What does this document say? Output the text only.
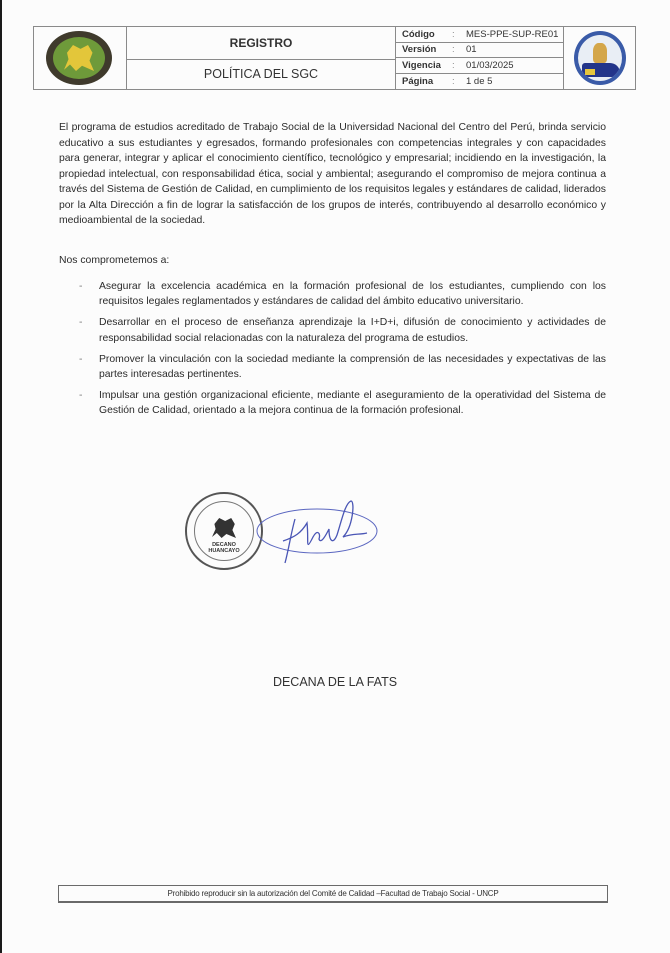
REGISTRO
POLÍTICA DEL SGC
Código	:	MES-PPE-SUP-RE01
Versión	:	01
Vigencia	:	01/03/2025
Página	:	1 de 5
El programa de estudios acreditado de Trabajo Social de la Universidad Nacional del Centro del Perú, brinda servicio educativo a sus estudiantes y egresados, formando profesionales con competencias integrales y con capacidades para generar, integrar y aplicar el conocimiento científico, tecnológico y empresarial; incidiendo en la investigación, la propiedad intelectual, con responsabilidad ética, social y ambiental; asegurando el compromiso de mejora continua a través del Sistema de Gestión de Calidad, en cumplimiento de los requisitos legales y estándares de calidad, liderados por la Alta Dirección a fin de lograr la satisfacción de los grupos de interés, contribuyendo al desarrollo económico y medioambiental de la sociedad.
Nos comprometemos a:
- Asegurar la excelencia académica en la formación profesional de los estudiantes, cumpliendo con los requisitos legales reglamentados y estándares de calidad del ámbito educativo universitario.
- Desarrollar en el proceso de enseñanza aprendizaje la I+D+i, difusión de conocimiento y actividades de responsabilidad social relacionadas con la naturaleza del programa de estudios.
- Promover la vinculación con la sociedad mediante la comprensión de las necesidades y expectativas de las partes interesadas pertinentes.
- Impulsar una gestión organizacional eficiente, mediante el aseguramiento de la operatividad del Sistema de Gestión de Calidad, orientado a la mejora continua de la formación profesional.
DECANO
HUANCAYO
DECANA DE LA FATS
Prohibido reproducir sin la autorización del Comité de Calidad –Facultad de Trabajo Social - UNCP
